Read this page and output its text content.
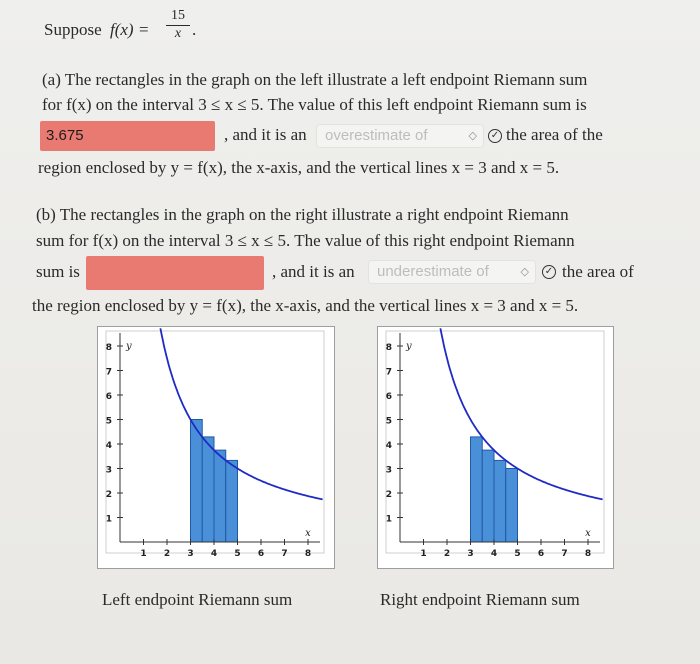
Suppose $f(x) = \frac{15}{x}$ .
(a) The rectangles in the graph on the left illustrate a left endpoint Riemann sum
for f(x) on the interval 3 ≤ x ≤ 5. The value of this left endpoint Riemann sum is
3.675	, and it is an	overestimate of	◇ ✓ the area of the
region enclosed by y = f(x), the x-axis, and the vertical lines x = 3 and x = 5.
(b) The rectangles in the graph on the right illustrate a right endpoint Riemann
sum for f(x) on the interval 3 ≤ x ≤ 5. The value of this right endpoint Riemann
sum is	, and it is an	underestimate of	◇ ✓ the area of
the region enclosed by y = f(x), the x-axis, and the vertical lines x = 3 and x = 5.
8
7
6
5
4
3
2
1
1 2 3 4 5 6 7 8
y
x
8
7
6
5
4
3
2
1
1 2 3 4 5 6 7 8
y
x
Left endpoint Riemann sum	Right endpoint Riemann sum
